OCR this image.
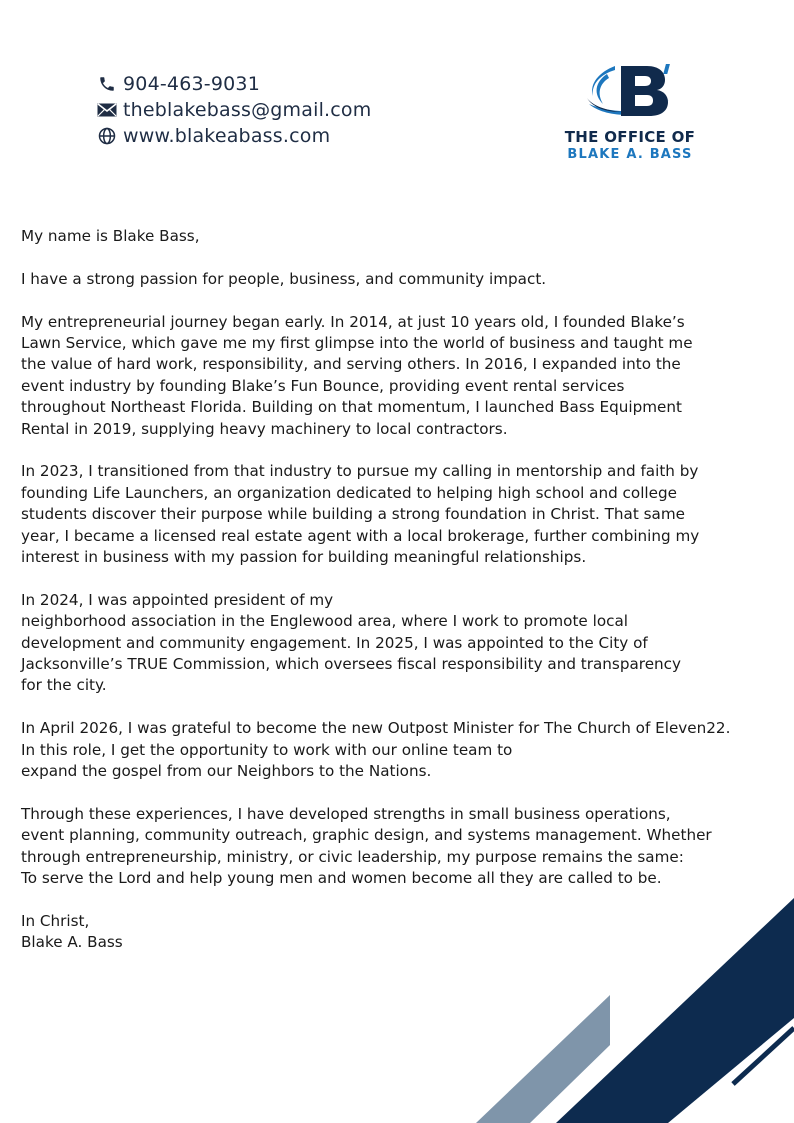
904-463-9031
theblakebass@gmail.com
www.blakeabass.com	THE OFFICE OF
BLAKE A. BASS

My name is Blake Bass,

I have a strong passion for people, business, and community impact.

My entrepreneurial journey began early. In 2014, at just 10 years old, I founded Blake’s
Lawn Service, which gave me my first glimpse into the world of business and taught me
the value of hard work, responsibility, and serving others. In 2016, I expanded into the
event industry by founding Blake’s Fun Bounce, providing event rental services
throughout Northeast Florida. Building on that momentum, I launched Bass Equipment
Rental in 2019, supplying heavy machinery to local contractors.

In 2023, I transitioned from that industry to pursue my calling in mentorship and faith by
founding Life Launchers, an organization dedicated to helping high school and college
students discover their purpose while building a strong foundation in Christ. That same
year, I became a licensed real estate agent with a local brokerage, further combining my
interest in business with my passion for building meaningful relationships.

In 2024, I was appointed president of my
neighborhood association in the Englewood area, where I work to promote local
development and community engagement. In 2025, I was appointed to the City of
Jacksonville’s TRUE Commission, which oversees fiscal responsibility and transparency
for the city.

In April 2026, I was grateful to become the new Outpost Minister for The Church of Eleven22.
In this role, I get the opportunity to work with our online team to
expand the gospel from our Neighbors to the Nations.

Through these experiences, I have developed strengths in small business operations,
event planning, community outreach, graphic design, and systems management. Whether
through entrepreneurship, ministry, or civic leadership, my purpose remains the same:
To serve the Lord and help young men and women become all they are called to be.

In Christ,

Blake A. Bass
